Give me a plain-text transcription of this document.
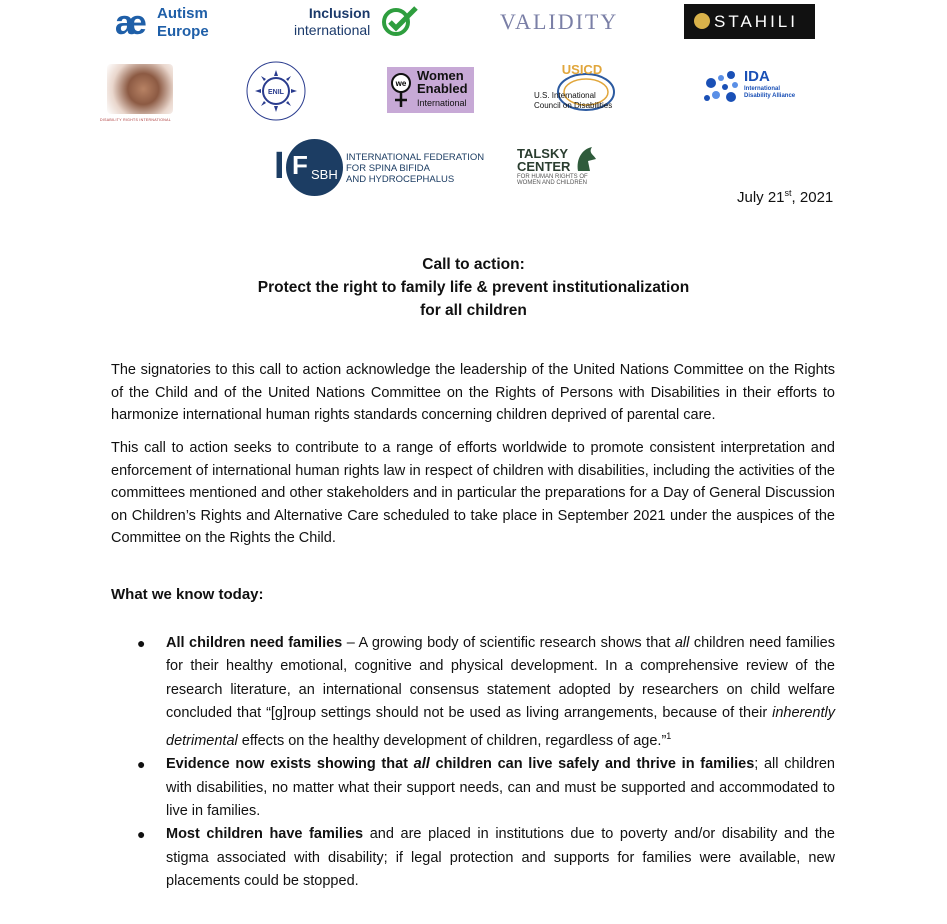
ae Autism
Europe
Inclusion
international	VALIDITY	STAHILI
DISABILITY RIGHTS INTERNATIONAL
ENIL
we
Women
Enabled
International
USICD
U.S. International
Council on Disabilities
IDA
International
Disability Alliance
I F SBH
INTERNATIONAL FEDERATION
FOR SPINA BIFIDA
AND HYDROCEPHALUS
TALSKY
CENTER
FOR HUMAN RIGHTS OF
WOMEN AND CHILDREN
July 21st, 2021
Call to action:
Protect the right to family life & prevent institutionalization
for all children
The signatories to this call to action acknowledge the leadership of the United Nations Committee on the Rights of the Child and of the United Nations Committee on the Rights of Persons with Disabilities in their efforts to harmonize international human rights standards concerning children deprived of parental care.
This call to action seeks to contribute to a range of efforts worldwide to promote consistent interpretation and enforcement of international human rights law in respect of children with disabilities, including the activities of the committees mentioned and other stakeholders and in particular the preparations for a Day of General Discussion on Children’s Rights and Alternative Care scheduled to take place in September 2021 under the auspices of the Committee on the Rights the Child.
What we know today:
● All children need families – A growing body of scientific research shows that all children need families for their healthy emotional, cognitive and physical development. In a comprehensive review of the research literature, an international consensus statement adopted by researchers on child welfare concluded that “[g]roup settings should not be used as living arrangements, because of their inherently detrimental effects on the healthy development of children, regardless of age.”$^1$
● Evidence now exists showing that all children can live safely and thrive in families; all children with disabilities, no matter what their support needs, can and must be supported and accommodated to live in families.
● Most children have families and are placed in institutions due to poverty and/or disability and the stigma associated with disability; if legal protection and supports for families were available, new placements could be stopped.
